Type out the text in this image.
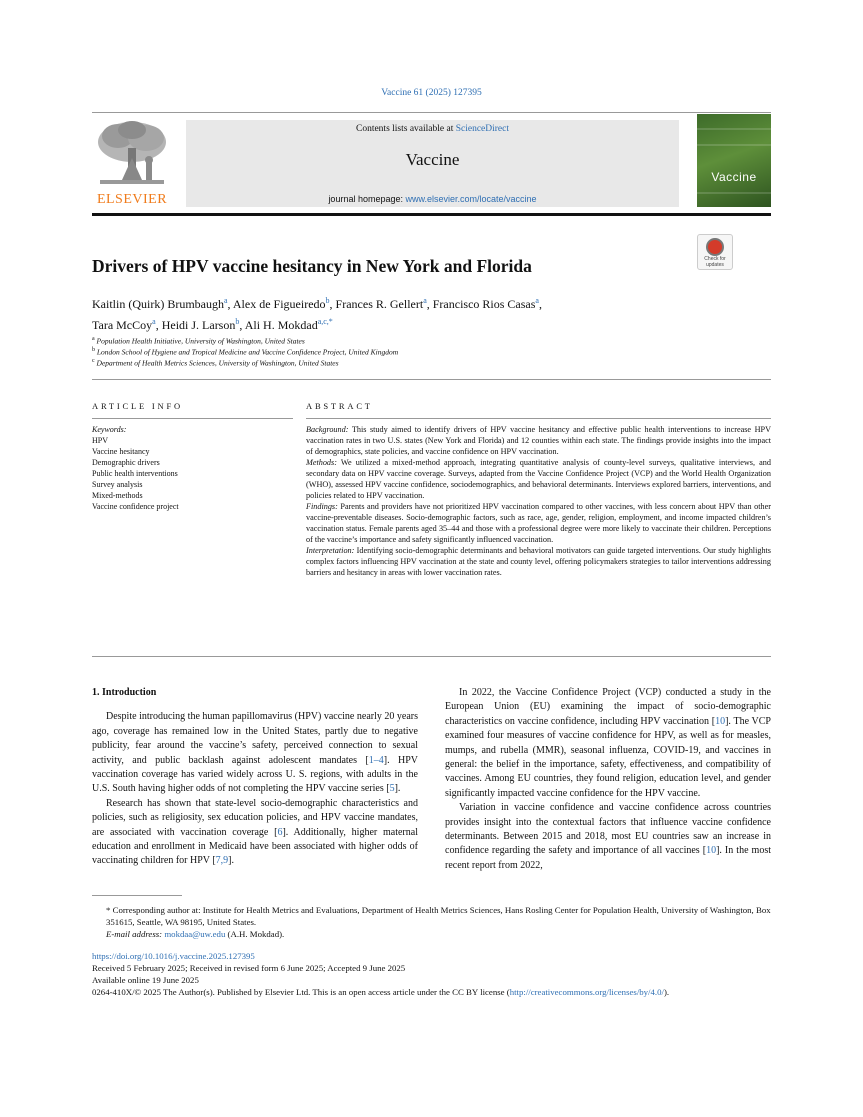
Vaccine 61 (2025) 127395
ELSEVIER
Contents lists available at ScienceDirect
Vaccine
journal homepage: www.elsevier.com/locate/vaccine
Vaccine
Check for updates
Drivers of HPV vaccine hesitancy in New York and Florida
Kaitlin (Quirk) Brumbaugh$^a$, Alex de Figueiredo$^b$, Frances R. Gellert$^a$, Francisco Rios Casas$^a$,
Tara McCoy$^a$, Heidi J. Larson$^b$, Ali H. Mokdad$^{a,c,*}$
$^a$ Population Health Initiative, University of Washington, United States
$^b$ London School of Hygiene and Tropical Medicine and Vaccine Confidence Project, United Kingdom
$^c$ Department of Health Metrics Sciences, University of Washington, United States
ARTICLE INFO	ABSTRACT
Keywords:
HPV
Vaccine hesitancy
Demographic drivers
Public health interventions
Survey analysis
Mixed-methods
Vaccine confidence project

Background: This study aimed to identify drivers of HPV vaccine hesitancy and effective public health interventions to increase HPV vaccination rates in two U.S. states (New York and Florida) and 12 counties within each state. The findings provide insights into the impact of demographics, state policies, and vaccine confidence on HPV vaccination.

Methods: We utilized a mixed-method approach, integrating quantitative analysis of county-level surveys, qualitative interviews, and secondary data on HPV vaccine coverage. Surveys, adapted from the Vaccine Confidence Project (VCP) and the World Health Organization (WHO), assessed HPV vaccine confidence, sociodemographics, and behavioral determinants. Interviews explored barriers, interventions, and policies related to HPV vaccination.

Findings: Parents and providers have not prioritized HPV vaccination compared to other vaccines, with less concern about HPV than other vaccine-preventable diseases. Socio-demographic factors, such as race, age, gender, religion, employment, and income impacted children’s vaccination status. Female parents aged 35–44 and those with a professional degree were more likely to vaccinate their children. Perceptions of the vaccine’s importance and safety significantly influenced vaccination.

Interpretation: Identifying socio-demographic determinants and behavioral motivators can guide targeted interventions. Our study highlights complex factors influencing HPV vaccination at the state and county level, offering policymakers strategies to tailor interventions addressing barriers and hesitancy in areas with lower vaccination rates.

1. Introduction

Despite introducing the human papillomavirus (HPV) vaccine nearly 20 years ago, coverage has remained low in the United States, partly due to negative publicity, fear around the vaccine’s safety, perceived connection to sexual activity, and public backlash against adolescent mandates [1–4]. HPV vaccination coverage has varied widely across U. S. regions, with adults in the U.S. South having higher odds of not completing the HPV vaccine series [5].

Research has shown that state-level socio-demographic characteristics and policies, such as religiosity, sex education policies, and HPV vaccine mandates, are associated with vaccination coverage [6]. Additionally, higher maternal education and enrollment in Medicaid have been associated with higher odds of vaccinating children for HPV [7,9].

In 2022, the Vaccine Confidence Project (VCP) conducted a study in the European Union (EU) examining the impact of socio-demographic characteristics on vaccine confidence, including HPV vaccination [10]. The VCP examined four measures of vaccine confidence for HPV, as well as for measles, mumps, and rubella (MMR), seasonal influenza, COVID-19, and vaccines in general: the belief in the importance, safety, effectiveness, and compatibility of vaccines. Among EU countries, they found religion, education level, and gender significantly impacted vaccine confidence for the HPV vaccine.

Variation in vaccine confidence and vaccine confidence across countries provides insight into the contextual factors that influence vaccine confidence determinants. Between 2015 and 2018, most EU countries saw an increase in confidence regarding the safety and importance of all vaccines [10]. In the most recent report from 2022,

* Corresponding author at: Institute for Health Metrics and Evaluations, Department of Health Metrics Sciences, Hans Rosling Center for Population Health, University of Washington, Box 351615, Seattle, WA 98195, United States.
E-mail address: mokdaa@uw.edu (A.H. Mokdad).
https://doi.org/10.1016/j.vaccine.2025.127395
Received 5 February 2025; Received in revised form 6 June 2025; Accepted 9 June 2025
Available online 19 June 2025
0264-410X/© 2025 The Author(s). Published by Elsevier Ltd. This is an open access article under the CC BY license (http://creativecommons.org/licenses/by/4.0/).
